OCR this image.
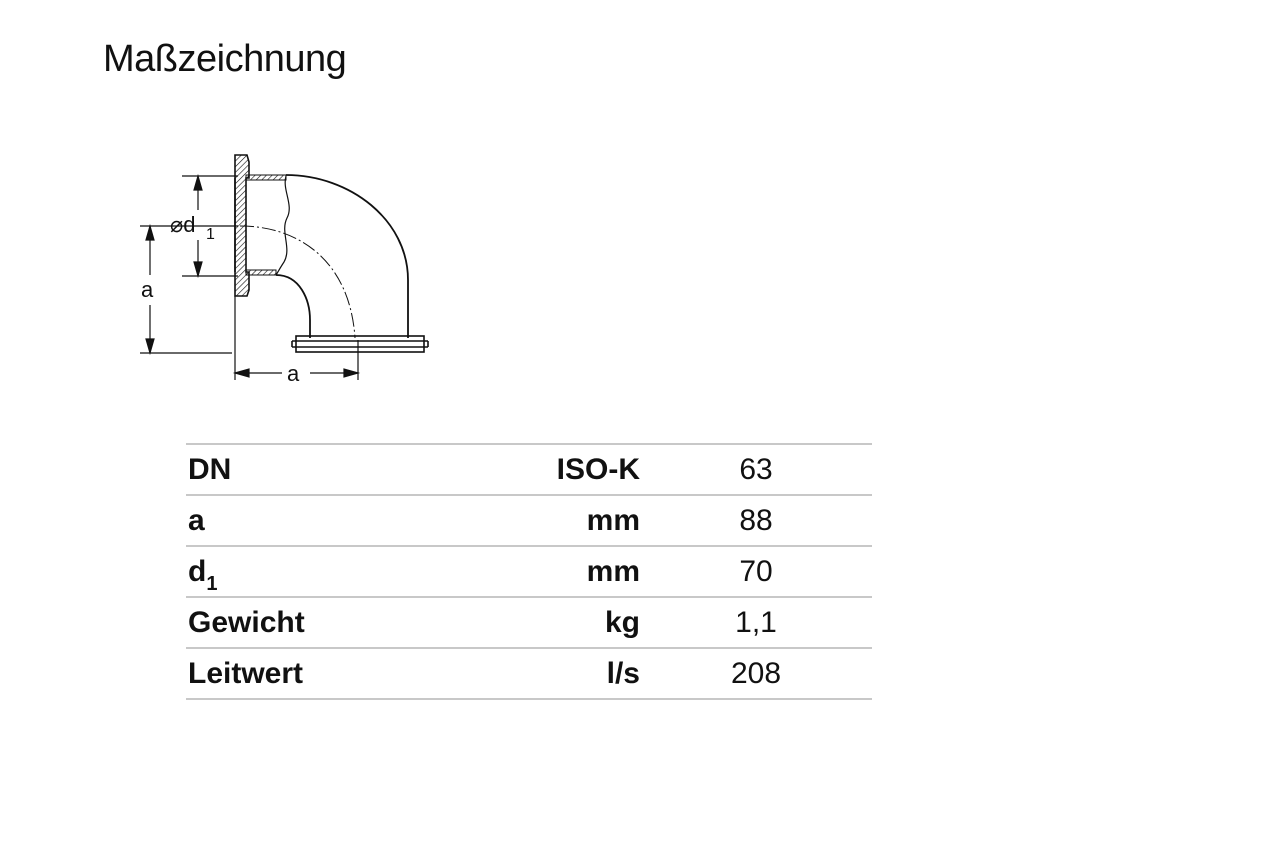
Maßzeichnung
⌀d 1
a
a
DN	ISO-K	63
a	mm	88
$d_1$	mm	70
Gewicht	kg	1,1
Leitwert	l/s	208
